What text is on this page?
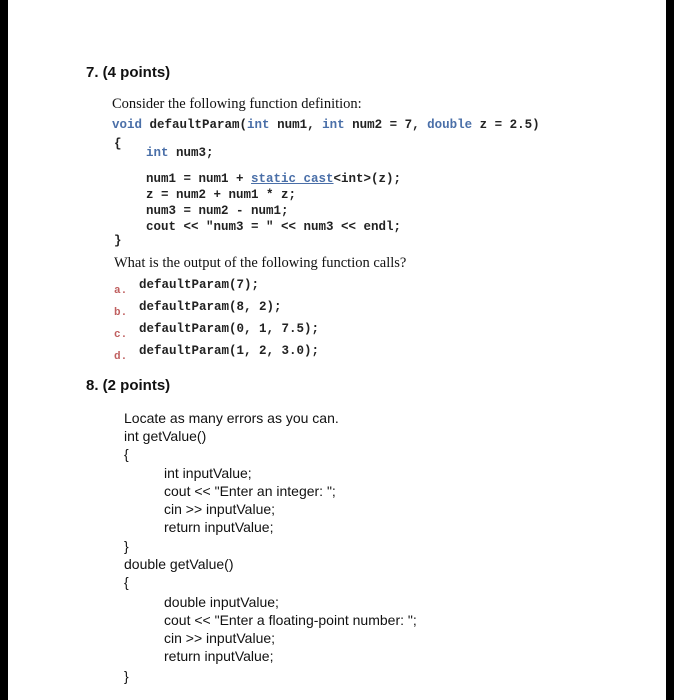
7. (4 points)
Consider the following function definition:
void defaultParam(int num1, int num2 = 7, double z = 2.5)
{
int num3;
num1 = num1 + static_cast<int>(z);
z = num2 + num1 * z;
num3 = num2 - num1;
cout << "num3 = " << num3 << endl;
}
What is the output of the following function calls?
a. defaultParam(7);
b. defaultParam(8, 2);
c. defaultParam(0, 1, 7.5);
d. defaultParam(1, 2, 3.0);
8. (2 points)
Locate as many errors as you can.
int getValue()
{
int inputValue;
cout << "Enter an integer: ";
cin >> inputValue;
return inputValue;
}
double getValue()
{
double inputValue;
cout << "Enter a floating-point number: ";
cin >> inputValue;
return inputValue;
}
